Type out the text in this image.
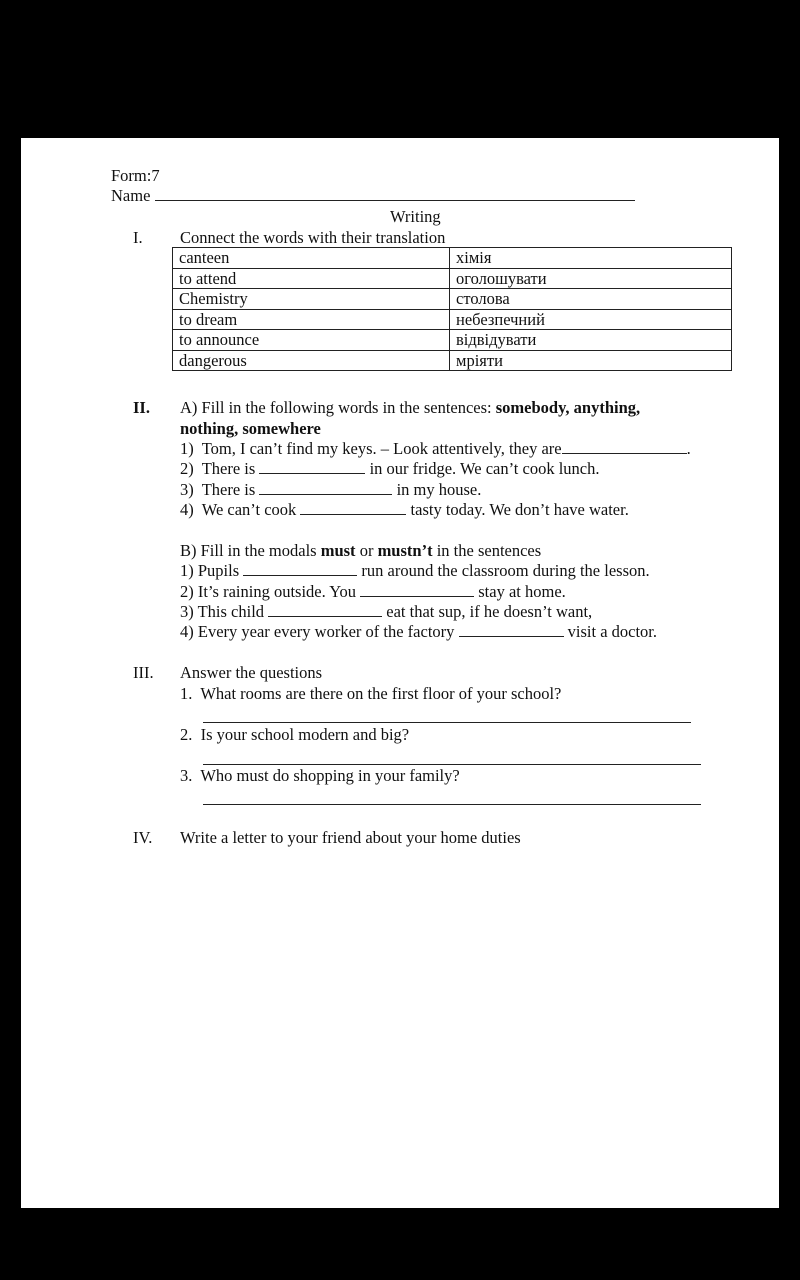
Form:7
Name
Writing
I. Connect the words with their translation
canteen	хімія
to attend	оголошувати
Chemistry	столова
to dream	небезпечний
to announce	відвідувати
dangerous	мріяти
II. A) Fill in the following words in the sentences: somebody, anything,
nothing, somewhere
1) Tom, I can’t find my keys. – Look attentively, they are	.
2) There is	in our fridge. We can’t cook lunch.
3) There is	in my house.
4) We can’t cook	tasty today. We don’t have water.
B) Fill in the modals must or mustn’t in the sentences
1) Pupils	run around the classroom during the lesson.
2) It’s raining outside. You	stay at home.
3) This child	eat that sup, if he doesn’t want,
4) Every year every worker of the factory	visit a doctor.
III. Answer the questions
1. What rooms are there on the first floor of your school?
2. Is your school modern and big?
3. Who must do shopping in your family?
IV. Write a letter to your friend about your home duties
